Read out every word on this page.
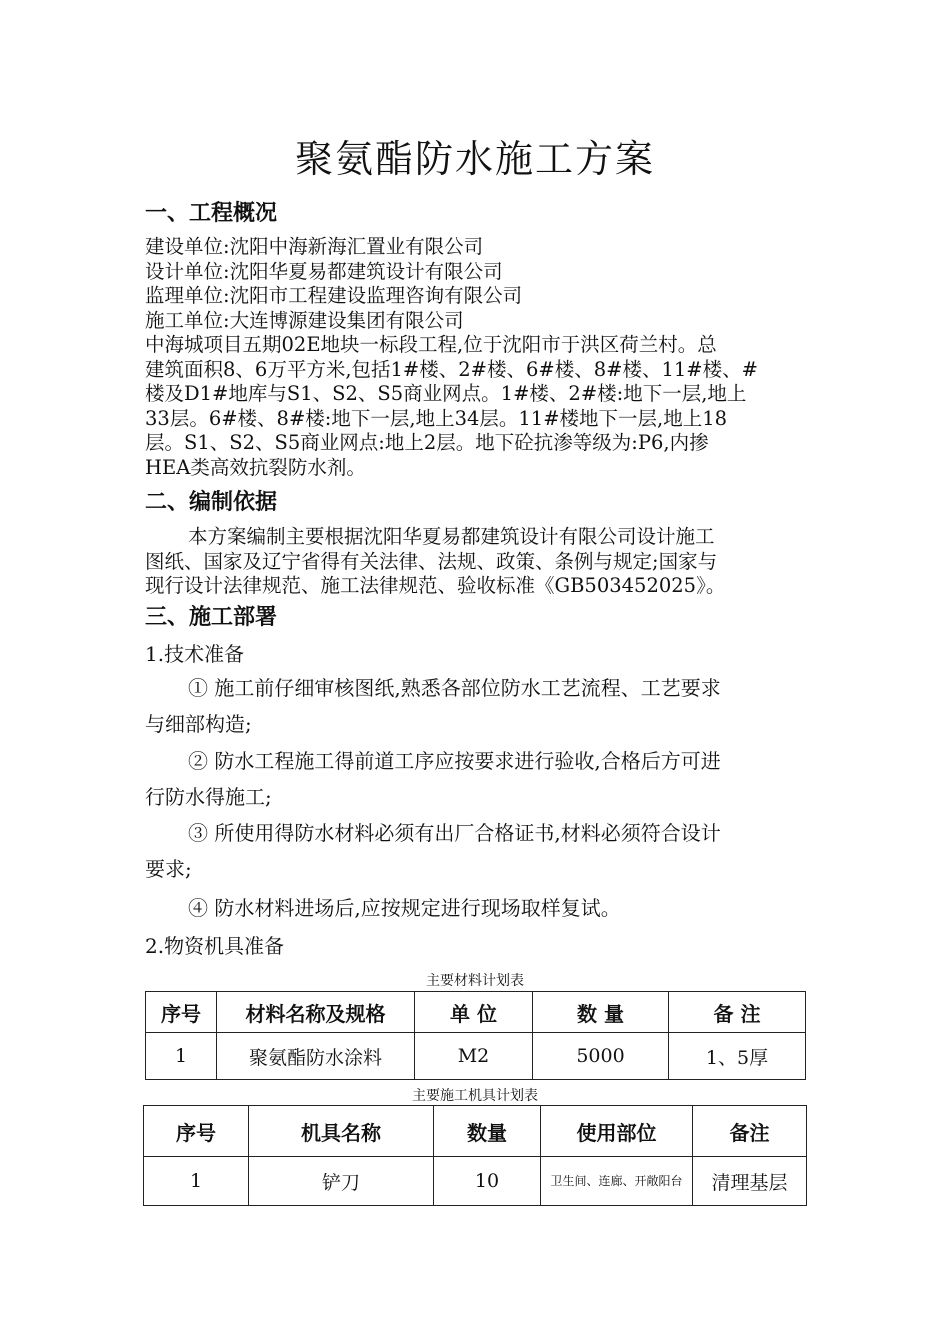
聚氨酯防水施工方案
一、工程概况
建设单位:沈阳中海新海汇置业有限公司
设计单位:沈阳华夏易都建筑设计有限公司
监理单位:沈阳市工程建设监理咨询有限公司
施工单位:大连博源建设集团有限公司
中海城项目五期02E地块一标段工程,位于沈阳市于洪区荷兰村。总
建筑面积8、6万平方米,包括1#楼、2#楼、6#楼、8#楼、11#楼、#
楼及D1#地库与S1、S2、S5商业网点。1#楼、2#楼:地下一层,地上
33层。6#楼、8#楼:地下一层,地上34层。11#楼地下一层,地上18
层。S1、S2、S5商业网点:地上2层。地下砼抗渗等级为:P6,内掺
HEA类高效抗裂防水剂。
二、编制依据
本方案编制主要根据沈阳华夏易都建筑设计有限公司设计施工
图纸、国家及辽宁省得有关法律、法规、政策、条例与规定;国家与
现行设计法律规范、施工法律规范、验收标准《GB503452025》。
三、施工部署
1.技术准备
① 施工前仔细审核图纸,熟悉各部位防水工艺流程、工艺要求
与细部构造;
② 防水工程施工得前道工序应按要求进行验收,合格后方可进
行防水得施工;
③ 所使用得防水材料必须有出厂合格证书,材料必须符合设计
要求;
④ 防水材料进场后,应按规定进行现场取样复试。
2.物资机具准备
主要材料计划表
序号	材料名称及规格	单 位	数 量	备 注
1	聚氨酯防水涂料	M2	5000	1、5厚
主要施工机具计划表
序号	机具名称	数量	使用部位	备注
1	铲刀	10	卫生间、连廊、开敞阳台	清理基层
